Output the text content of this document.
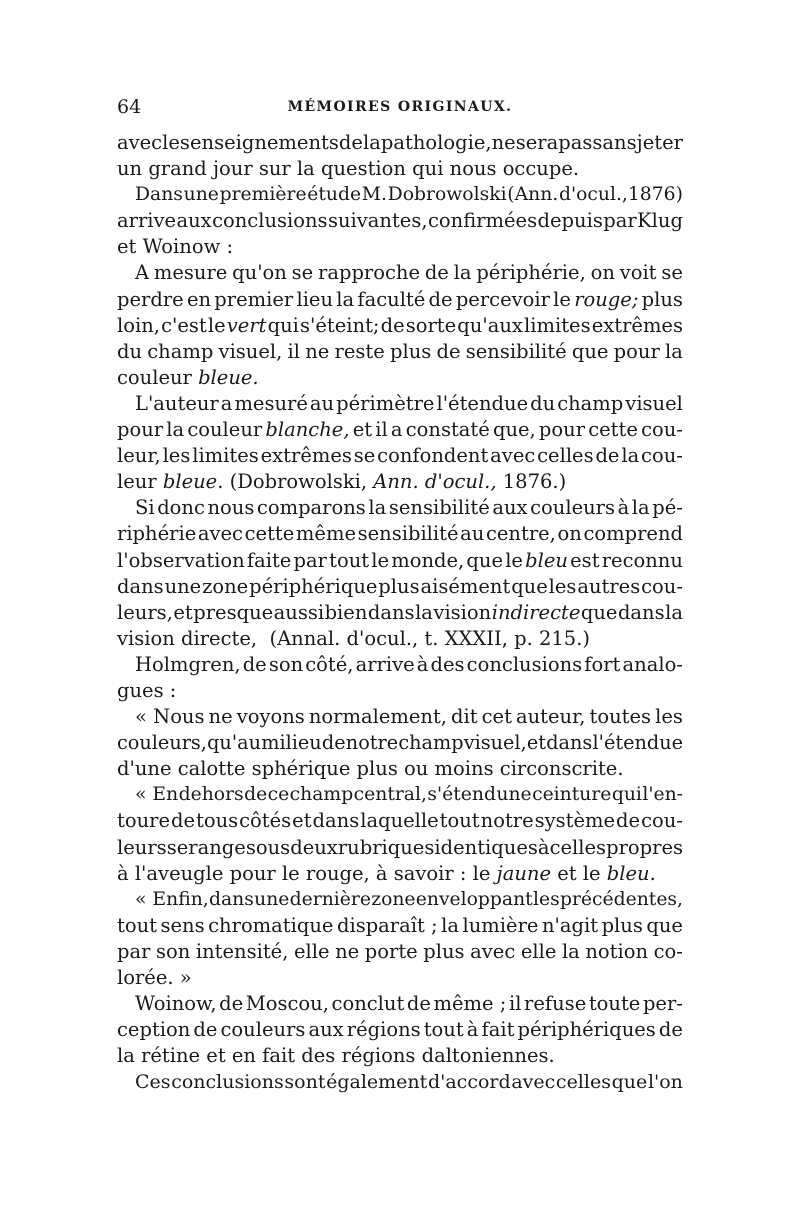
64	MÉMOIRES ORIGINAUX.
avec les enseignements de la pathologie, ne sera pas sans jeter
un grand jour sur la question qui nous occupe.
Dans une première étude M. Dobrowolski (Ann. d'ocul.,1876)
arrive aux conclusions suivantes, confirmées depuis par Klug
et Woinow :
A mesure qu'on se rapproche de la périphérie, on voit se
perdre en premier lieu la faculté de percevoir le rouge; plus
loin, c'est le vert qui s'éteint; de sorte qu'aux limites extrêmes
du champ visuel, il ne reste plus de sensibilité que pour la
couleur bleue.
L'auteur a mesuré au périmètre l'étendue du champ visuel
pour la couleur blanche, et il a constaté que, pour cette cou-
leur, les limites extrêmes se confondent avec celles de la cou-
leur bleue. (Dobrowolski, Ann. d'ocul., 1876.)
Si donc nous comparons la sensibilité aux couleurs à la pé-
riphérie avec cette même sensibilité au centre, on comprend
l'observation faite par tout le monde, que le bleu est reconnu
dans une zone périphérique plus aisément que les autres cou-
leurs, et presque aussi bien dans la vision indirecte que dans la
vision directe,  (Annal. d'ocul., t. XXXII, p. 215.)
Holmgren, de son côté, arrive à des conclusions fort analo-
gues :
« Nous ne voyons normalement, dit cet auteur, toutes les
couleurs, qu'au milieu de notre champ visuel, et dans l'étendue
d'une calotte sphérique plus ou moins circonscrite.
« En dehors de ce champ central, s'étend une ceinture qui l'en-
toure de tous côtés et dans laquelle tout notre système de cou-
leurs se range sous deux rubriques identiques à celles propres
à l'aveugle pour le rouge, à savoir : le jaune et le bleu.
« Enfin, dans une dernière zone enveloppant les précédentes,
tout sens chromatique disparaît ; la lumière n'agit plus que
par son intensité, elle ne porte plus avec elle la notion co-
lorée. »
Woinow, de Moscou, conclut de même ; il refuse toute per-
ception de couleurs aux régions tout à fait périphériques de
la rétine et en fait des régions daltoniennes.
Ces conclusions sont également d'accord avec celles que l'on
